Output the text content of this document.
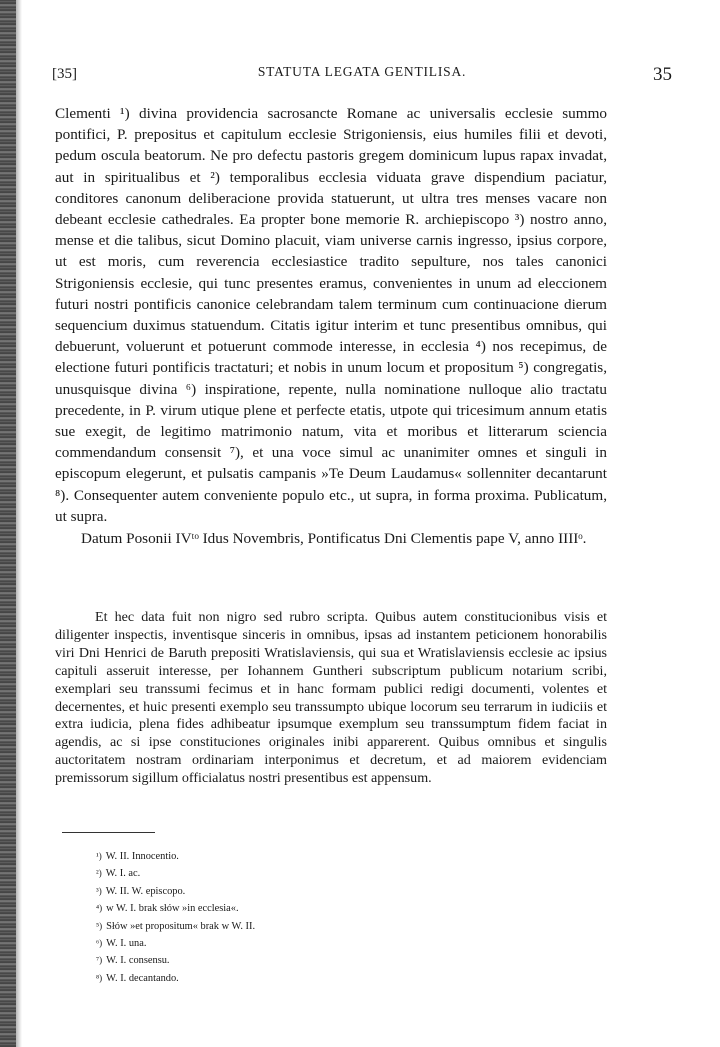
[35]	STATUTA LEGATA GENTILISA.	35

Clementi ¹) divina providencia sacrosancte Romane ac universalis ecclesie summo pontifici, P. prepositus et capitulum ecclesie Strigoniensis, eius humiles filii et devoti, pedum oscula beatorum. Ne pro defectu pastoris gregem dominicum lupus rapax invadat, aut in spiritualibus et ²) temporalibus ecclesia viduata grave dispendium paciatur, conditores canonum deliberacione provida statuerunt, ut ultra tres menses vacare non debeant ecclesie cathedrales. Ea propter bone memorie R. archiepiscopo ³) nostro anno, mense et die talibus, sicut Domino placuit, viam universe carnis ingresso, ipsius corpore, ut est moris, cum reverencia ecclesiastice tradito sepulture, nos tales canonici Strigoniensis ecclesie, qui tunc presentes eramus, convenientes in unum ad eleccionem futuri nostri pontificis canonice celebrandam talem terminum cum continuacione dierum sequencium duximus statuendum. Citatis igitur interim et tunc presentibus omnibus, qui debuerunt, voluerunt et potuerunt commode interesse, in ecclesia ⁴) nos recepimus, de electione futuri pontificis tractaturi; et nobis in unum locum et propositum ⁵) congregatis, unusquisque divina ⁶) inspiratione, repente, nulla nominatione nulloque alio tractatu precedente, in P. virum utique plene et perfecte etatis, utpote qui tricesimum annum etatis sue exegit, de legitimo matrimonio natum, vita et moribus et litterarum sciencia commendandum consensit ⁷), et una voce simul ac unanimiter omnes et singuli in episcopum elegerunt, et pulsatis campanis »Te Deum Laudamus« sollenniter decantarunt ⁸). Consequenter autem conveniente populo etc., ut supra, in forma proxima. Publicatum, ut supra.

Datum Posonii IVᵗᵒ Idus Novembris, Pontificatus Dni Clementis pape V, anno IIIIᵒ.

Et hec data fuit non nigro sed rubro scripta. Quibus autem constitucionibus visis et diligenter inspectis, inventisque sinceris in omnibus, ipsas ad instantem peticionem honorabilis viri Dni Henrici de Baruth prepositi Wratislaviensis, qui sua et Wratislaviensis ecclesie ac ipsius capituli asseruit interesse, per Iohannem Guntheri subscriptum publicum notarium scribi, exemplari seu transsumi fecimus et in hanc formam publici redigi documenti, volentes et decernentes, et huic presenti exemplo seu transsumpto ubique locorum seu terrarum in iudiciis et extra iudicia, plena fides adhibeatur ipsumque exemplum seu transsumptum fidem faciat in agendis, ac si ipse constituciones originales inibi apparerent. Quibus omnibus et singulis auctoritatem nostram ordinariam interponimus et decretum, et ad maiorem evidenciam premissorum sigillum officialatus nostri presentibus est appensum.

¹) W. II. Innocentio.
²) W. I. ac.
³) W. II. W. episcopo.
⁴) w W. I. brak słów »in ecclesia«.
⁵) Słów »et propositum« brak w W. II.
⁶) W. I. una.
⁷) W. I. consensu.
⁸) W. I. decantando.
